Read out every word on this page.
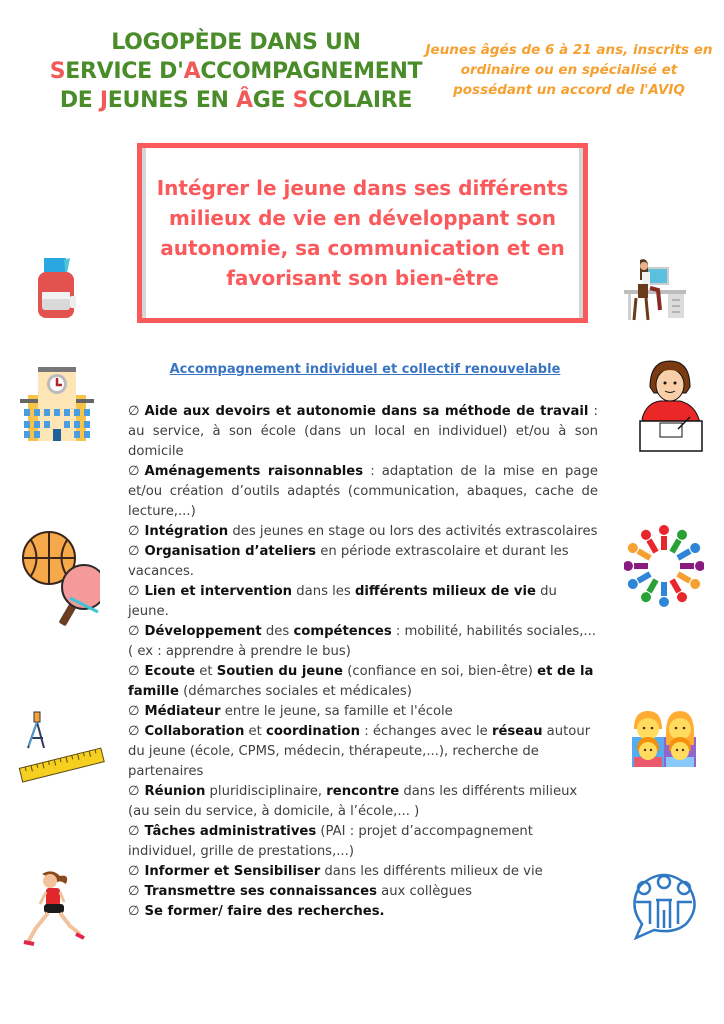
LOGOPÈDE DANS UN
SERVICE D'ACCOMPAGNEMENT
DE JEUNES EN ÂGE SCOLAIRE
Jeunes âgés de 6 à 21 ans, inscrits en ordinaire ou en spécialisé et possédant un accord de l'AVIQ
Intégrer le jeune dans ses différents milieux de vie en développant son autonomie, sa communication et en favorisant son bien-être
Accompagnement individuel et collectif renouvelable

∅ Aide aux devoirs et autonomie dans sa méthode de travail : au service, à son école (dans un local en individuel) et/ou à son domicile

∅ Aménagements raisonnables : adaptation de la mise en page et/ou création d’outils adaptés (communication, abaques, cache de lecture,...)

∅ Intégration des jeunes en stage ou lors des activités extrascolaires

∅ Organisation d’ateliers en période extrascolaire et durant les vacances.

∅ Lien et intervention dans les différents milieux de vie du jeune.

∅ Développement des compétences : mobilité, habilités sociales,... ( ex : apprendre à prendre le bus)

∅ Ecoute et Soutien du jeune (confiance en soi, bien-être) et de la famille (démarches sociales et médicales)

∅ Médiateur entre le jeune, sa famille et l'école

∅ Collaboration et coordination : échanges avec le réseau autour du jeune (école, CPMS, médecin, thérapeute,...), recherche de partenaires

∅ Réunion pluridisciplinaire, rencontre dans les différents milieux (au sein du service, à domicile, à l’école,... )

∅ Tâches administratives (PAI : projet d’accompagnement individuel, grille de prestations,...)

∅ Informer et Sensibiliser dans les différents milieux de vie

∅ Transmettre ses connaissances aux collègues

∅ Se former/ faire des recherches.
